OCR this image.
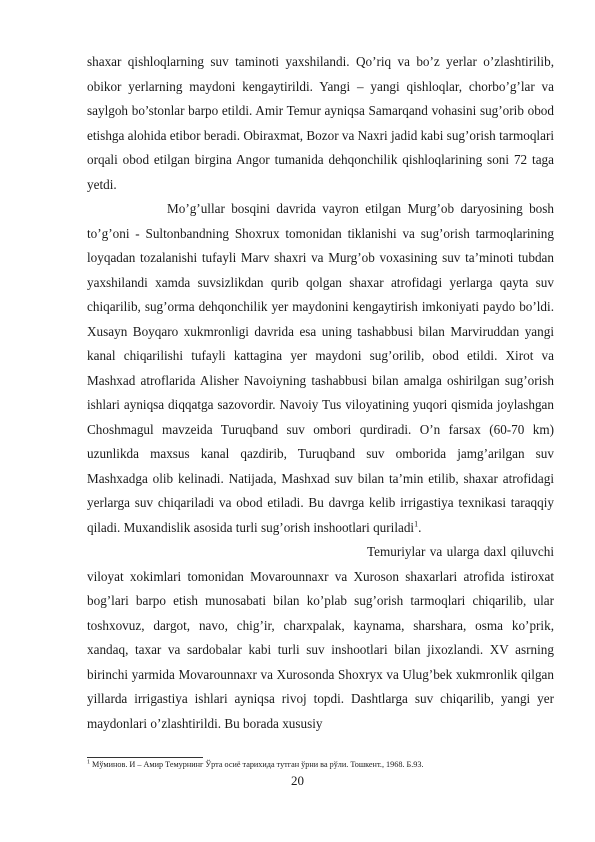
shaxar qishloqlarning suv taminoti yaxshilandi. Qo’riq va bo’z yerlar o’zlashtirilib, obikor yerlarning maydoni kengaytirildi. Yangi – yangi qishloqlar, chorbo’g’lar va saylgoh bo’stonlar barpo etildi. Amir Temur ayniqsa Samarqand vohasini sug’orib obod etishga alohida etibor beradi. Obiraxmat, Bozor va Naxri jadid kabi sug’orish tarmoqlari orqali obod etilgan birgina Angor tumanida dehqonchilik qishloqlarining soni 72 taga yetdi.

Mo’g’ullar bosqini davrida vayron etilgan Murg’ob daryosining bosh to’g’oni - Sultonbandning Shoxrux tomonidan tiklanishi va sug’orish tarmoqlarining loyqadan tozalanishi tufayli Marv shaxri va Murg’ob voxasining suv ta’minoti tubdan yaxshilandi xamda suvsizlikdan qurib qolgan shaxar atrofidagi yerlarga qayta suv chiqarilib, sug’orma dehqonchilik yer maydonini kengaytirish imkoniyati paydo bo’ldi. Xusayn Boyqaro xukmronligi davrida esa uning tashabbusi bilan Marviruddan yangi kanal chiqarilishi tufayli kattagina yer maydoni sug’orilib, obod etildi. Xirot va Mashxad atroflarida Alisher Navoiyning tashabbusi bilan amalga oshirilgan sug’orish ishlari ayniqsa diqqatga sazovordir. Navoiy Tus viloyatining yuqori qismida joylashgan Choshmagul mavzeida Turuqband suv ombori qurdiradi. O’n farsax (60-70 km) uzunlikda maxsus kanal qazdirib, Turuqband suv omborida jamg’arilgan suv Mashxadga olib kelinadi. Natijada, Mashxad suv bilan ta’min etilib, shaxar atrofidagi yerlarga suv chiqariladi va obod etiladi. Bu davrga kelib irrigastiya texnikasi taraqqiy qiladi. Muxandislik asosida turli sug’orish inshootlari quriladi$^1$.

Temuriylar va ularga daxl qiluvchi viloyat xokimlari tomonidan Movarounnaxr va Xuroson shaxarlari atrofida istiroxat bog’lari barpo etish munosabati bilan ko’plab sug’orish tarmoqlari chiqarilib, ular toshxovuz, dargot, navo, chig’ir, charxpalak, kaynama, sharshara, osma ko’prik, xandaq, taxar va sardobalar kabi turli suv inshootlari bilan jixozlandi. XV asrning birinchi yarmida Movarounnaxr va Xurosonda Shoxryx va Ulug’bek xukmronlik qilgan yillarda irrigastiya ishlari ayniqsa rivoj topdi. Dashtlarga suv chiqarilib, yangi yer maydonlari o’zlashtirildi. Bu borada xususiy

$^1$ Мўминов. И – Амир Темурнинг Ўрта осиё тарихида тутган ўрни ва рўли. Тошкент., 1968. Б.93.
20
